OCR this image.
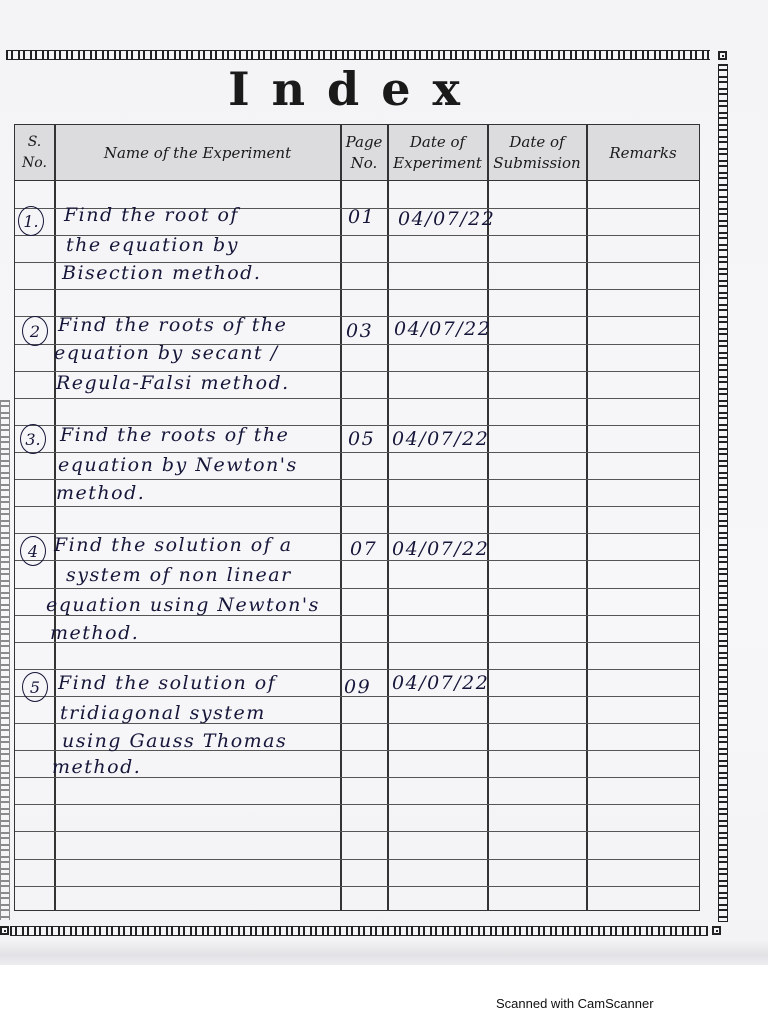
Index
S.
No.
Name of the Experiment
Page
No.
Date of
Experiment
Date of
Submission
Remarks
1. Find the root of
the equation by
Bisection method.
01 04/07/22
2 Find the roots of the
equation by secant /
Regula-Falsi method.
03 04/07/22
3. Find the roots of the
equation by Newton's
method.
05 04/07/22
4 Find the solution of a
system of non linear
equation using Newton's
method.
07 04/07/22
5 Find the solution of
tridiagonal system
using Gauss Thomas
method.
09 04/07/22
Scanned with CamScanner
